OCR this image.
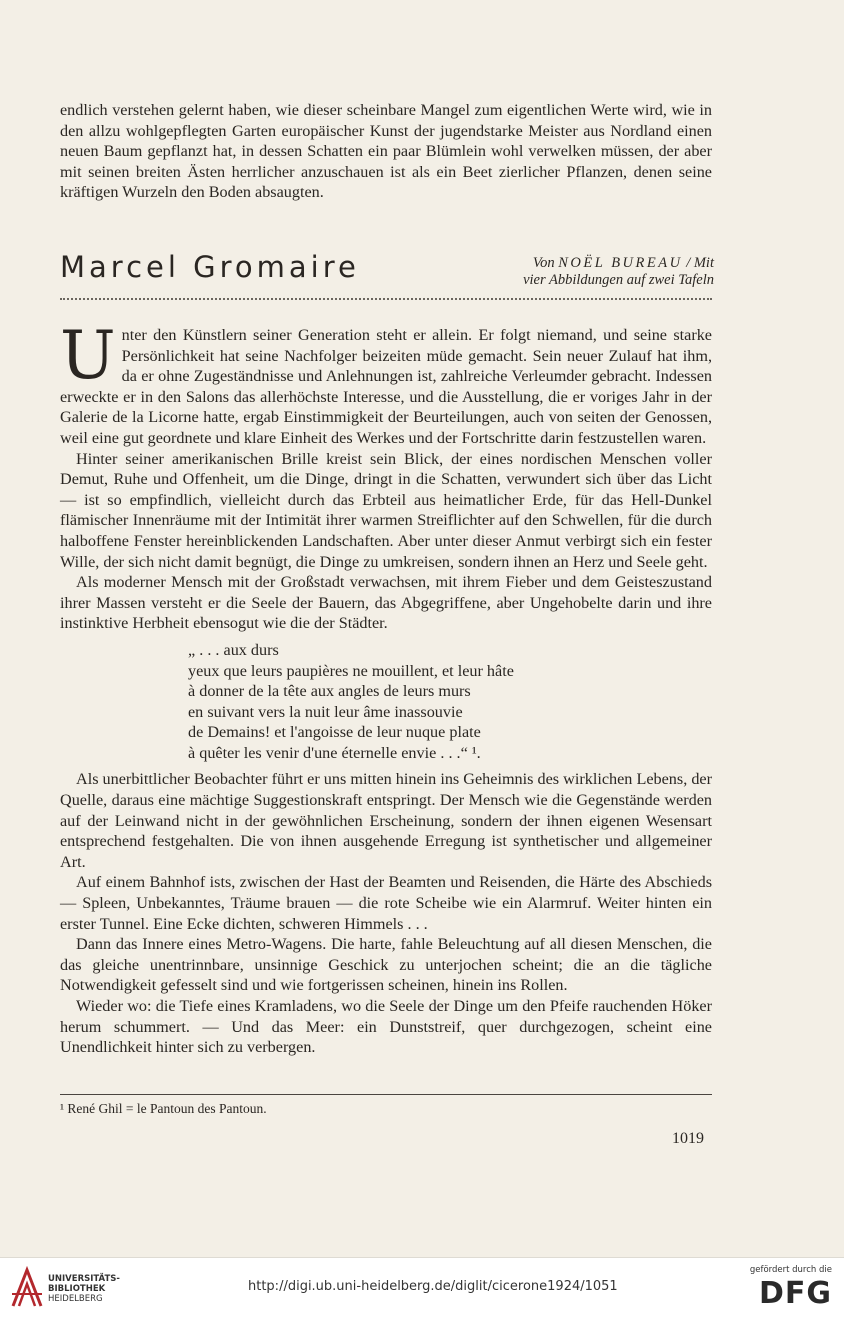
endlich verstehen gelernt haben, wie dieser scheinbare Mangel zum eigentlichen Werte wird, wie in den allzu wohlgepflegten Garten europäischer Kunst der jugendstarke Meister aus Nordland einen neuen Baum gepflanzt hat, in dessen Schatten ein paar Blümlein wohl verwelken müssen, der aber mit seinen breiten Ästen herrlicher anzuschauen ist als ein Beet zierlicher Pflanzen, denen seine kräftigen Wurzeln den Boden absaugten.

Marcel Gromaire	Von NOËL BUREAU / Mit
vier Abbildungen auf zwei Tafeln

Unter den Künstlern seiner Generation steht er allein. Er folgt niemand, und seine starke Persönlichkeit hat seine Nachfolger beizeiten müde gemacht. Sein neuer Zulauf hat ihm, da er ohne Zugeständnisse und Anlehnungen ist, zahlreiche Verleumder gebracht. Indessen erweckte er in den Salons das allerhöchste Interesse, und die Ausstellung, die er voriges Jahr in der Galerie de la Licorne hatte, ergab Einstimmigkeit der Beurteilungen, auch von seiten der Genossen, weil eine gut geordnete und klare Einheit des Werkes und der Fortschritte darin festzustellen waren.

Hinter seiner amerikanischen Brille kreist sein Blick, der eines nordischen Menschen voller Demut, Ruhe und Offenheit, um die Dinge, dringt in die Schatten, verwundert sich über das Licht — ist so empfindlich, vielleicht durch das Erbteil aus heimatlicher Erde, für das Hell-Dunkel flämischer Innenräume mit der Intimität ihrer warmen Streiflichter auf den Schwellen, für die durch halboffene Fenster hereinblickenden Landschaften. Aber unter dieser Anmut verbirgt sich ein fester Wille, der sich nicht damit begnügt, die Dinge zu umkreisen, sondern ihnen an Herz und Seele geht.

Als moderner Mensch mit der Großstadt verwachsen, mit ihrem Fieber und dem Geisteszustand ihrer Massen versteht er die Seele der Bauern, das Abgegriffene, aber Ungehobelte darin und ihre instinktive Herbheit ebensogut wie die der Städter.

„ . . . aux durs
yeux que leurs paupières ne mouillent, et leur hâte
à donner de la tête aux angles de leurs murs
en suivant vers la nuit leur âme inassouvie
de Demains! et l'angoisse de leur nuque plate
à quêter les venir d'une éternelle envie . . .“ ¹.

Als unerbittlicher Beobachter führt er uns mitten hinein ins Geheimnis des wirklichen Lebens, der Quelle, daraus eine mächtige Suggestionskraft entspringt. Der Mensch wie die Gegenstände werden auf der Leinwand nicht in der gewöhnlichen Erscheinung, sondern der ihnen eigenen Wesensart entsprechend festgehalten. Die von ihnen ausgehende Erregung ist synthetischer und allgemeiner Art.

Auf einem Bahnhof ists, zwischen der Hast der Beamten und Reisenden, die Härte des Abschieds — Spleen, Unbekanntes, Träume brauen — die rote Scheibe wie ein Alarmruf. Weiter hinten ein erster Tunnel. Eine Ecke dichten, schweren Himmels . . .

Dann das Innere eines Metro-Wagens. Die harte, fahle Beleuchtung auf all diesen Menschen, die das gleiche unentrinnbare, unsinnige Geschick zu unterjochen scheint; die an die tägliche Notwendigkeit gefesselt sind und wie fortgerissen scheinen, hinein ins Rollen.

Wieder wo: die Tiefe eines Kramladens, wo die Seele der Dinge um den Pfeife rauchenden Höker herum schummert. — Und das Meer: ein Dunststreif, quer durchgezogen, scheint eine Unendlichkeit hinter sich zu verbergen.

¹ René Ghil = le Pantoun des Pantoun.
1019
UNIVERSITÄTS-
BIBLIOTHEK
HEIDELBERG
http://digi.ub.uni-heidelberg.de/diglit/cicerone1924/1051
gefördert durch die
DFG
